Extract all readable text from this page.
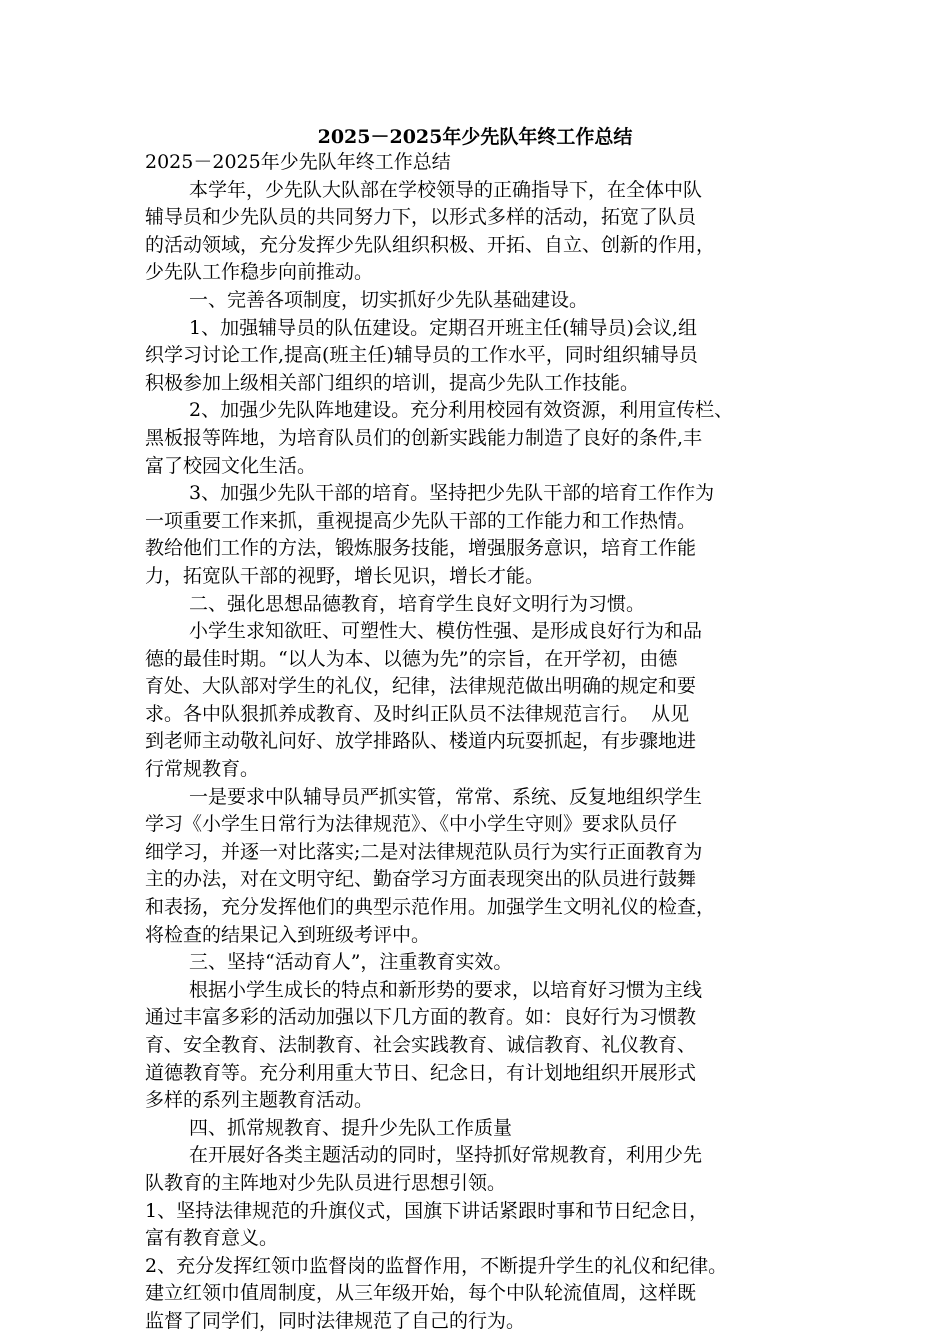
2025－2025年少先队年终工作总结

2025－2025年少先队年终工作总结

本学年，少先队大队部在学校领导的正确指导下，在全体中队

辅导员和少先队员的共同努力下，以形式多样的活动，拓宽了队员

的活动领域，充分发挥少先队组织积极、开拓、自立、创新的作用，

少先队工作稳步向前推动。

一、完善各项制度，切实抓好少先队基础建设。

1、加强辅导员的队伍建设。定期召开班主任(辅导员)会议,组

织学习讨论工作,提高(班主任)辅导员的工作水平，同时组织辅导员

积极参加上级相关部门组织的培训，提高少先队工作技能。

2、加强少先队阵地建设。充分利用校园有效资源，利用宣传栏、

黑板报等阵地，为培育队员们的创新实践能力制造了良好的条件,丰

富了校园文化生活。

3、加强少先队干部的培育。坚持把少先队干部的培育工作作为

一项重要工作来抓，重视提高少先队干部的工作能力和工作热情。

教给他们工作的方法，锻炼服务技能，增强服务意识，培育工作能

力，拓宽队干部的视野，增长见识，增长才能。

二、强化思想品德教育，培育学生良好文明行为习惯。

小学生求知欲旺、可塑性大、模仿性强、是形成良好行为和品

德的最佳时期。“以人为本、以德为先”的宗旨，在开学初，由德

育处、大队部对学生的礼仪，纪律，法律规范做出明确的规定和要

求。各中队狠抓养成教育、及时纠正队员不法律规范言行。  从见

到老师主动敬礼问好、放学排路队、楼道内玩耍抓起，有步骤地进

行常规教育。

一是要求中队辅导员严抓实管，常常、系统、反复地组织学生

学习《小学生日常行为法律规范》、《中小学生守则》要求队员仔

细学习，并逐一对比落实;二是对法律规范队员行为实行正面教育为

主的办法，对在文明守纪、勤奋学习方面表现突出的队员进行鼓舞

和表扬，充分发挥他们的典型示范作用。加强学生文明礼仪的检查，

将检查的结果记入到班级考评中。

三、坚持“活动育人”，注重教育实效。

根据小学生成长的特点和新形势的要求，以培育好习惯为主线

通过丰富多彩的活动加强以下几方面的教育。如：良好行为习惯教

育、安全教育、法制教育、社会实践教育、诚信教育、礼仪教育、

道德教育等。充分利用重大节日、纪念日，有计划地组织开展形式

多样的系列主题教育活动。

四、抓常规教育、提升少先队工作质量

在开展好各类主题活动的同时，坚持抓好常规教育，利用少先

队教育的主阵地对少先队员进行思想引领。

1、坚持法律规范的升旗仪式，国旗下讲话紧跟时事和节日纪念日，

富有教育意义。

2、充分发挥红领巾监督岗的监督作用，不断提升学生的礼仪和纪律。

建立红领巾值周制度，从三年级开始，每个中队轮流值周，这样既

监督了同学们，同时法律规范了自己的行为。
